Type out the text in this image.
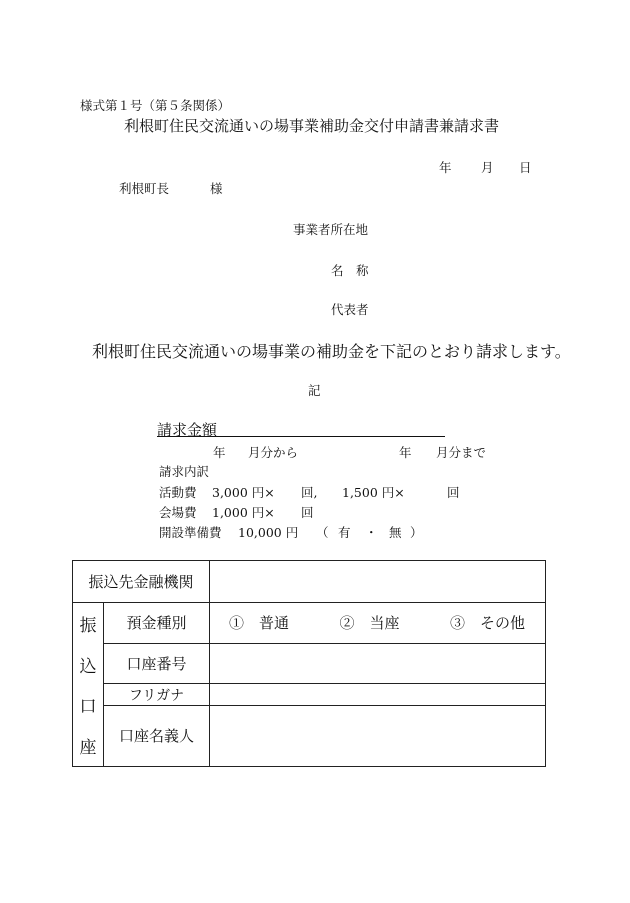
様式第１号（第５条関係）
利根町住民交流通いの場事業補助金交付申請書兼請求書
年 月 日
利根町長	様
事業者所在地
名　称
代表者
利根町住民交流通いの場事業の補助金を下記のとおり請求します。
記
請求金額
年 月分から	年 月分まで
請求内訳
活動費 3,000 円× 回, 1,500 円×	回
会場費 1,000 円× 回
開設準備費 10,000 円 （ 有 ・ 無 ）
振込先金融機関		

振
込
口
座	預金種別	①　普通 ②　当座 ③　その他

	口座番号	
	フリガナ	
	口座名義人	
